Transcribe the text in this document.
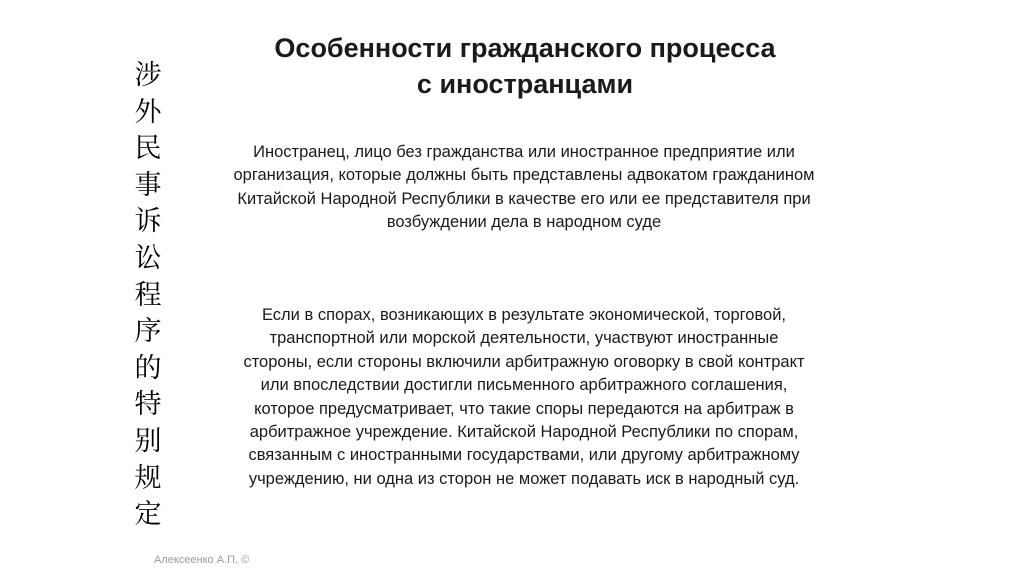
涉
外
民
事
诉
讼
程
序
的
特
别
规
定
Особенности гражданского процесса
с иностранцами

Иностранец, лицо без гражданства или иностранное предприятие или
организация, которые должны быть представлены адвокатом гражданином
Китайской Народной Республики в качестве его или ее представителя при
возбуждении дела в народном суде

Если в спорах, возникающих в результате экономической, торговой,
транспортной или морской деятельности, участвуют иностранные
стороны, если стороны включили арбитражную оговорку в свой контракт
или впоследствии достигли письменного арбитражного соглашения,
которое предусматривает, что такие споры передаются на арбитраж в
арбитражное учреждение. Китайской Народной Республики по спорам,
связанным с иностранными государствами, или другому арбитражному
учреждению, ни одна из сторон не может подавать иск в народный суд.

Алексеенко А.П. ©
